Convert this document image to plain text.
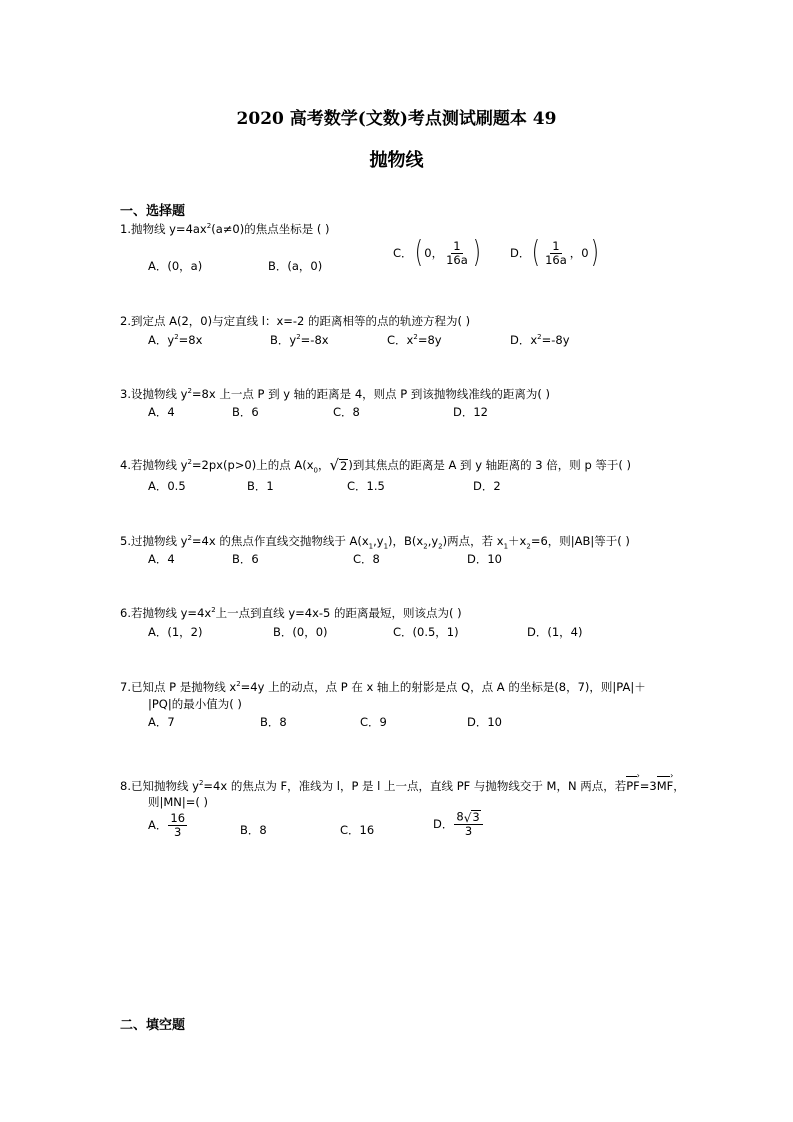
2020 高考数学(文数)考点测试刷题本 49
抛物线
一、选择题
1.抛物线 $y=4ax^2(a\ne 0)$的焦点坐标是 ( )
A．(0，a)	B．(a，0)
C． ( 0， $\frac{1}{16a}$ )	D． ( $\frac{1}{16a}$ ，0 )
2.到定点 A(2，0)与定直线 l：x=-2 的距离相等的点的轨迹方程为( )
A．$y^2=8x$	B．$y^2=-8x$	C．$x^2=8y$	D．$x^2=-8y$
3.设抛物线 $y^2=8x$ 上一点 P 到 y 轴的距离是 4，则点 P 到该抛物线准线的距离为( )
A．4	B．6	C．8	D．12
4.若抛物线 $y^2=2px(p>0)$上的点 $A(x_0$， √ 2 )到其焦点的距离是 A 到 y 轴距离的 3 倍，则 p 等于( )
A．0.5	B．1	C．1.5	D．2
5.过抛物线 $y^2=4x$ 的焦点作直线交抛物线于 $A(x_1,y_1)$，$B(x_2,y_2)$两点，若 $x_1+x_2=6$，则|AB|等于( )
A．4	B．6	C．8	D．10
6.若抛物线 $y=4x^2$上一点到直线 y=4x-5 的距离最短，则该点为( )
A．(1，2)	B．(0，0)	C．(0.5，1)	D．(1，4)
7.已知点 P 是抛物线 $x^2=4y$ 上的动点，点 P 在 x 轴上的射影是点 Q，点 A 的坐标是(8，7)，则|PA|＋
|PQ|的最小值为( )
A．7	B．8	C．9	D．10
8.已知抛物线 $y^2=4x$ 的焦点为 F，准线为 l，P 是 l 上一点，直线 PF 与抛物线交于 M，N 两点，若
›
PF=3
›
MF，
则|MN|=( )
A． $\frac{16}{3}$	B．8	C．16	D． $\frac{8 √ 3}{3}$
二、填空题
